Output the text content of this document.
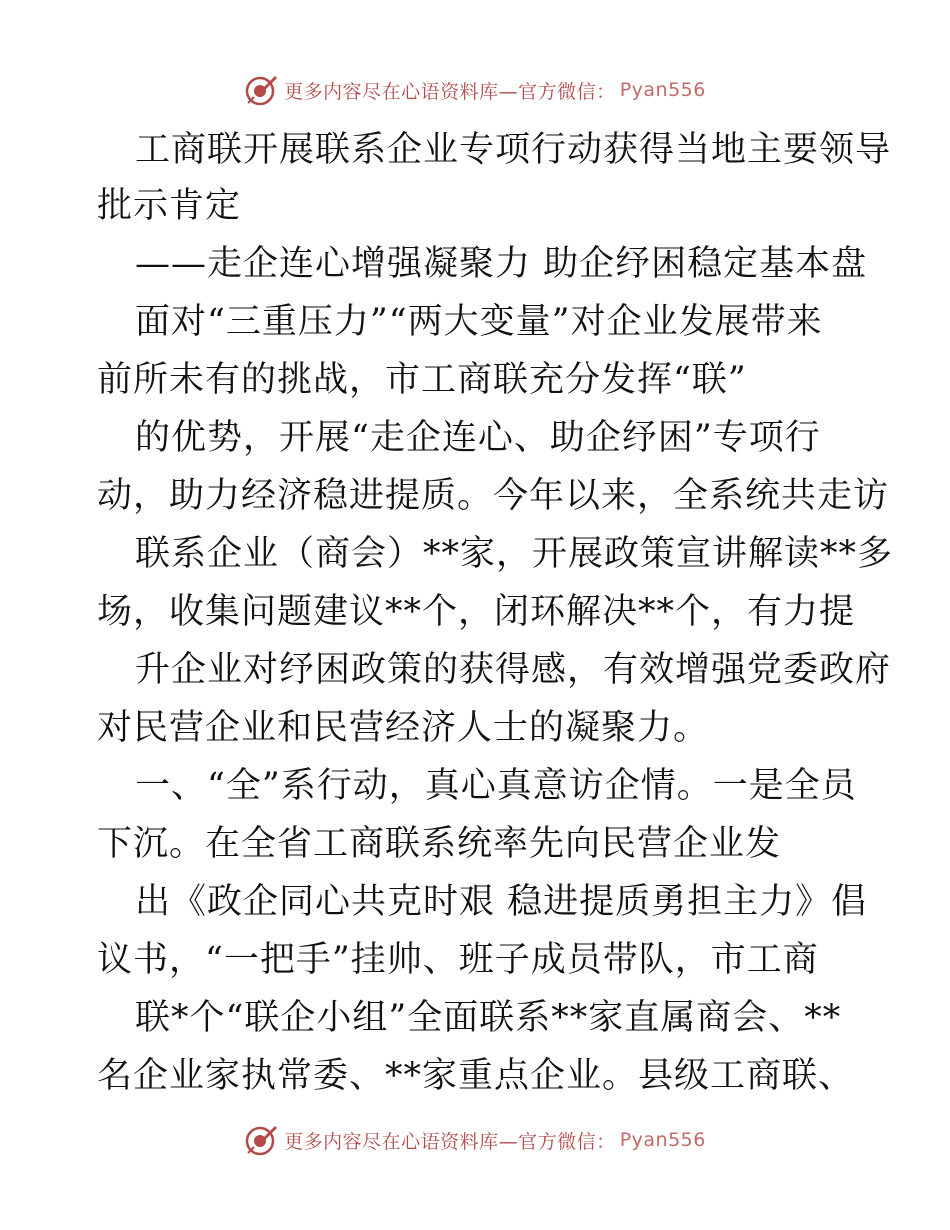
更多内容尽在心语资料库 —官方微信： Pyan556
工商联开展联系企业专项行动获得当地主要领导
批示肯定
——走企连心增强凝聚力 助企纾困稳定基本盘
面对“三重压力”“两大变量”对企业发展带来
前所未有的挑战，市工商联充分发挥“联”
的优势，开展“走企连心、助企纾困”专项行
动，助力经济稳进提质。今年以来，全系统共走访
联系企业（商会）**家，开展政策宣讲解读**多
场，收集问题建议**个，闭环解决**个，有力提
升企业对纾困政策的获得感，有效增强党委政府
对民营企业和民营经济人士的凝聚力。
一、“全”系行动，真心真意访企情。一是全员
下沉。在全省工商联系统率先向民营企业发
出《政企同心共克时艰 稳进提质勇担主力》倡
议书，“一把手”挂帅、班子成员带队，市工商
联*个“联企小组”全面联系**家直属商会、**
名企业家执常委、**家重点企业。县级工商联、
更多内容尽在心语资料库 —官方微信： Pyan556
